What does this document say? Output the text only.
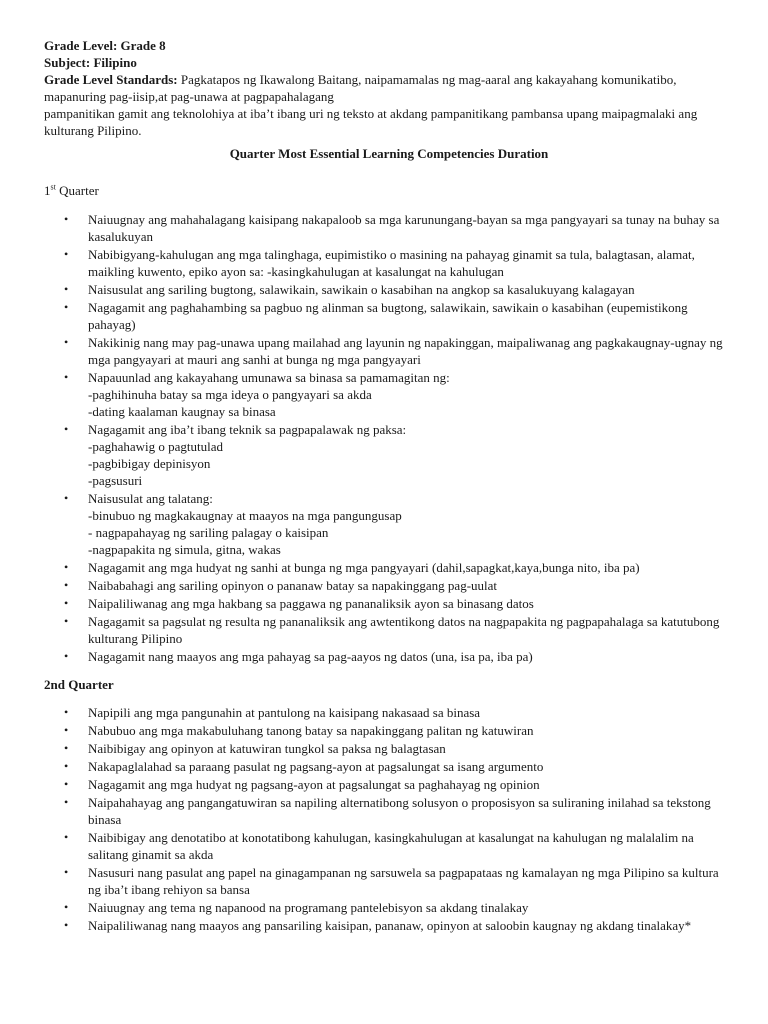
Grade Level: Grade 8

Subject: Filipino

Grade Level Standards: Pagkatapos ng Ikawalong Baitang, naipamamalas ng mag-aaral ang kakayahang komunikatibo, mapanuring pag-iisip,at pag-unawa at pagpapahalagang
pampanitikan gamit ang teknolohiya at iba’t ibang uri ng teksto at akdang pampanitikang pambansa upang maipagmalaki ang kulturang Pilipino.

Quarter Most Essential Learning Competencies Duration

1st Quarter

• Naiuugnay ang mahahalagang kaisipang nakapaloob sa mga karunungang-bayan sa mga pangyayari sa tunay na buhay sa kasalukuyan
• Nabibigyang-kahulugan ang mga talinghaga, eupimistiko o masining na pahayag ginamit sa tula, balagtasan, alamat, maikling kuwento, epiko ayon sa: -kasingkahulugan at kasalungat na kahulugan
• Naisusulat ang sariling bugtong, salawikain, sawikain o kasabihan na angkop sa kasalukuyang kalagayan
• Nagagamit ang paghahambing sa pagbuo ng alinman sa bugtong, salawikain, sawikain o kasabihan (eupemistikong pahayag)
• Nakikinig nang may pag-unawa upang mailahad ang layunin ng napakinggan, maipaliwanag ang pagkakaugnay-ugnay ng mga pangyayari at mauri ang sanhi at bunga ng mga pangyayari
• Napauunlad ang kakayahang umunawa sa binasa sa pamamagitan ng:
-paghihinuha batay sa mga ideya o pangyayari sa akda
-dating kaalaman kaugnay sa binasa
• Nagagamit ang iba’t ibang teknik sa pagpapalawak ng paksa:
-paghahawig o pagtutulad
-pagbibigay depinisyon
-pagsusuri
• Naisusulat ang talatang:
-binubuo ng magkakaugnay at maayos na mga pangungusap
- nagpapahayag ng sariling palagay o kaisipan
-nagpapakita ng simula, gitna, wakas
• Nagagamit ang mga hudyat ng sanhi at bunga ng mga pangyayari (dahil,sapagkat,kaya,bunga nito, iba pa)
• Naibabahagi ang sariling opinyon o pananaw batay sa napakinggang pag-uulat
• Naipaliliwanag ang mga hakbang sa paggawa ng pananaliksik ayon sa binasang datos
• Nagagamit sa pagsulat ng resulta ng pananaliksik ang awtentikong datos na nagpapakita ng pagpapahalaga sa katutubong kulturang Pilipino
• Nagagamit nang maayos ang mga pahayag sa pag-aayos ng datos (una, isa pa, iba pa)

2nd Quarter

• Napipili ang mga pangunahin at pantulong na kaisipang nakasaad sa binasa
• Nabubuo ang mga makabuluhang tanong batay sa napakinggang palitan ng katuwiran
• Naibibigay ang opinyon at katuwiran tungkol sa paksa ng balagtasan
• Nakapaglalahad sa paraang pasulat ng pagsang-ayon at pagsalungat sa isang argumento
• Nagagamit ang mga hudyat ng pagsang-ayon at pagsalungat sa paghahayag ng opinion
• Naipahahayag ang pangangatuwiran sa napiling alternatibong solusyon o proposisyon sa suliraning inilahad sa tekstong binasa
• Naibibigay ang denotatibo at konotatibong kahulugan, kasingkahulugan at kasalungat na kahulugan ng malalalim na salitang ginamit sa akda
• Nasusuri nang pasulat ang papel na ginagampanan ng sarsuwela sa pagpapataas ng kamalayan ng mga Pilipino sa kultura ng iba’t ibang rehiyon sa bansa
• Naiuugnay ang tema ng napanood na programang pantelebisyon sa akdang tinalakay
• Naipaliliwanag nang maayos ang pansariling kaisipan, pananaw, opinyon at saloobin kaugnay ng akdang tinalakay*
